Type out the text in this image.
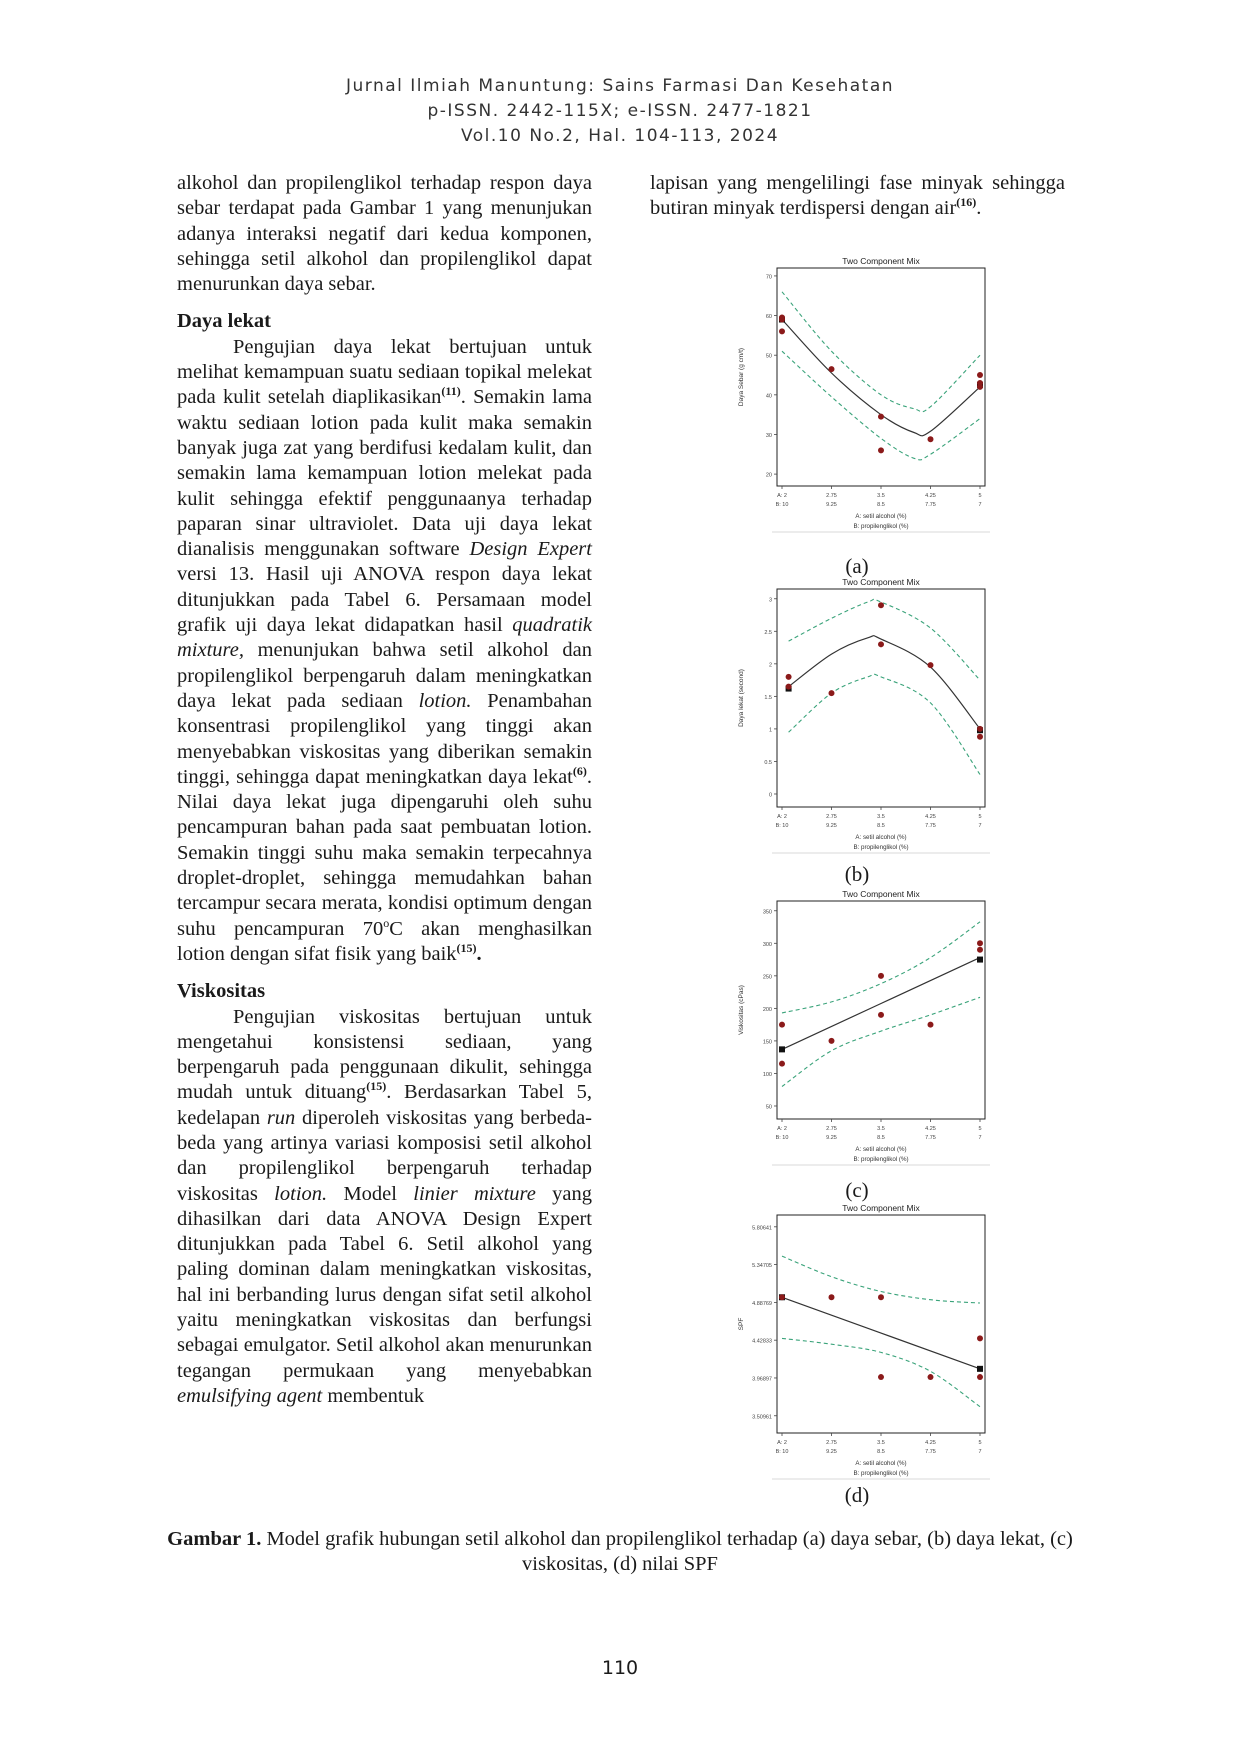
Jurnal Ilmiah Manuntung: Sains Farmasi Dan Kesehatan
p-ISSN. 2442-115X; e-ISSN. 2477-1821
Vol.10 No.2, Hal. 104-113, 2024

alkohol dan propilenglikol terhadap respon daya sebar terdapat pada Gambar 1 yang menunjukan adanya interaksi negatif dari kedua komponen, sehingga setil alkohol dan propilenglikol dapat menurunkan daya sebar.

Daya lekat

Pengujian daya lekat bertujuan untuk melihat kemampuan suatu sediaan topikal melekat pada kulit setelah diaplikasikan$^{(11)}$. Semakin lama waktu sediaan lotion pada kulit maka semakin banyak juga zat yang berdifusi kedalam kulit, dan semakin lama kemampuan lotion melekat pada kulit sehingga efektif penggunaanya terhadap paparan sinar ultraviolet. Data uji daya lekat dianalisis menggunakan software Design Expert versi 13. Hasil uji ANOVA respon daya lekat ditunjukkan pada Tabel 6. Persamaan model grafik uji daya lekat didapatkan hasil quadratik mixture, menunjukan bahwa setil alkohol dan propilenglikol berpengaruh dalam meningkatkan daya lekat pada sediaan lotion. Penambahan konsentrasi propilenglikol yang tinggi akan menyebabkan viskositas yang diberikan semakin tinggi, sehingga dapat meningkatkan daya lekat$^{(6)}$. Nilai daya lekat juga dipengaruhi oleh suhu pencampuran bahan pada saat pembuatan lotion. Semakin tinggi suhu maka semakin terpecahnya droplet-droplet, sehingga memudahkan bahan tercampur secara merata, kondisi optimum dengan suhu pencampuran 70$^o$C akan menghasilkan lotion dengan sifat fisik yang baik$^{(15)}$.

Viskositas

Pengujian viskositas bertujuan untuk mengetahui konsistensi sediaan, yang berpengaruh pada penggunaan dikulit, sehingga mudah untuk dituang$^{(15)}$. Berdasarkan Tabel 5, kedelapan run diperoleh viskositas yang berbeda-beda yang artinya variasi komposisi setil alkohol dan propilenglikol berpengaruh terhadap viskositas lotion. Model linier mixture yang dihasilkan dari data ANOVA Design Expert ditunjukkan pada Tabel 6. Setil alkohol yang paling dominan dalam meningkatkan viskositas, hal ini berbanding lurus dengan sifat setil alkohol yaitu meningkatkan viskositas dan berfungsi sebagai emulgator. Setil alkohol akan menurunkan tegangan permukaan yang menyebabkan emulsifying agent membentuk

lapisan yang mengelilingi fase minyak sehingga butiran minyak terdispersi dengan air$^{(16)}$.

Two Component Mix
20
30
40
50
60
70
Daya Sebar (g cm/t)
A: 2
B: 10
2.75
9.25
3.5
8.5
4.25
7.75
5
7
A: setil alcohol (%)
B: propilenglikol (%)
(a)
Two Component Mix
0
0.5
1
1.5
2
2.5
3
Daya lekat (second)
A: 2
B: 10
2.75
9.25
3.5
8.5
4.25
7.75
5
7
A: setil alcohol (%)
B: propilenglikol (%)
(b)
Two Component Mix
50
100
150
200
250
300
350
Viskositas (cPas)
A: 2
B: 10
2.75
9.25
3.5
8.5
4.25
7.75
5
7
A: setil alcohol (%)
B: propilenglikol (%)
(c)
Two Component Mix
3.50961
3.96897
4.42833
4.88769
5.34705
5.80641
SPF
A: 2
B: 10
2.75
9.25
3.5
8.5
4.25
7.75
5
7
A: setil alcohol (%)
B: propilenglikol (%)
(d)
Gambar 1. Model grafik hubungan setil alkohol dan propilenglikol terhadap (a) daya sebar, (b) daya lekat, (c) viskositas, (d) nilai SPF
110
